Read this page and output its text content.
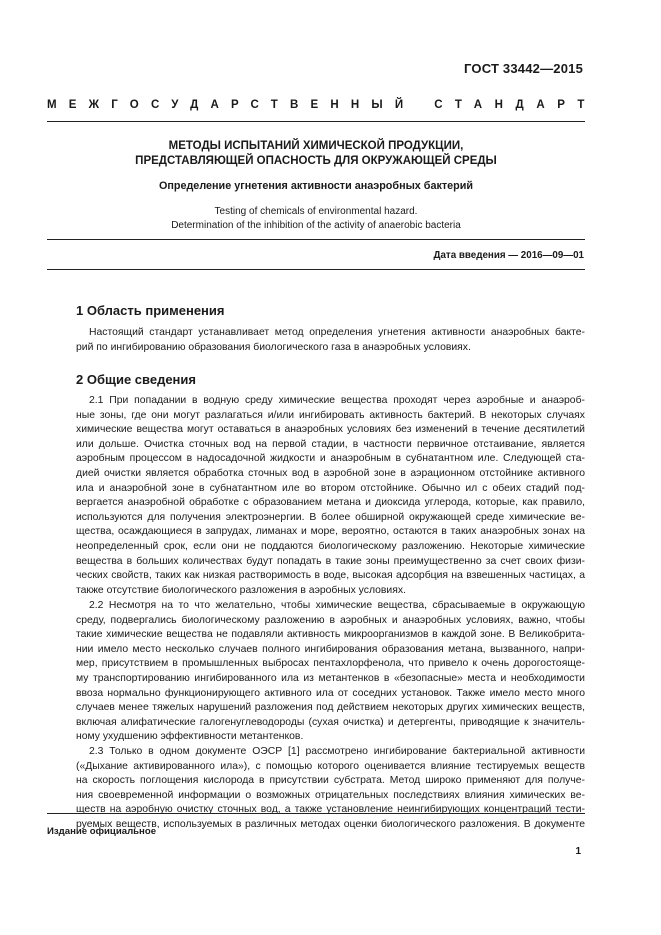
ГОСТ 33442—2015
МЕЖГОСУДАРСТВЕННЫЙ СТАНДАРТ
МЕТОДЫ ИСПЫТАНИЙ ХИМИЧЕСКОЙ ПРОДУКЦИИ,
ПРЕДСТАВЛЯЮЩЕЙ ОПАСНОСТЬ ДЛЯ ОКРУЖАЮЩЕЙ СРЕДЫ
Определение угнетения активности анаэробных бактерий
Testing of chemicals of environmental hazard.
Determination of the inhibition of the activity of anaerobic bacteria
Дата введения — 2016—09—01
1 Область применения
Настоящий стандарт устанавливает метод определения угнетения активности анаэробных бакте-
рий по ингибированию образования биологического газа в анаэробных условиях.
2 Общие сведения
2.1 При попадании в водную среду химические вещества проходят через аэробные и анаэроб-
ные зоны, где они могут разлагаться и/или ингибировать активность бактерий. В некоторых случаях
химические вещества могут оставаться в анаэробных условиях без изменений в течение десятилетий
или дольше. Очистка сточных вод на первой стадии, в частности первичное отстаивание, является
аэробным процессом в надосадочной жидкости и анаэробным в субнатантном иле. Следующей ста-
дией очистки является обработка сточных вод в аэробной зоне в аэрационном отстойнике активного
ила и анаэробной зоне в субнатантном иле во втором отстойнике. Обычно ил с обеих стадий под-
вергается анаэробной обработке с образованием метана и диоксида углерода, которые, как правило,
используются для получения электроэнергии. В более обширной окружающей среде химические ве-
щества, осаждающиеся в запрудах, лиманах и море, вероятно, остаются в таких анаэробных зонах на
неопределенный срок, если они не поддаются биологическому разложению. Некоторые химические
вещества в больших количествах будут попадать в такие зоны преимущественно за счет своих физи-
ческих свойств, таких как низкая растворимость в воде, высокая адсорбция на взвешенных частицах, а
также отсутствие биологического разложения в аэробных условиях.
2.2 Несмотря на то что желательно, чтобы химические вещества, сбрасываемые в окружающую
среду, подвергались биологическому разложению в аэробных и анаэробных условиях, важно, чтобы
такие химические вещества не подавляли активность микроорганизмов в каждой зоне. В Великобрита-
нии имело место несколько случаев полного ингибирования образования метана, вызванного, напри-
мер, присутствием в промышленных выбросах пентахлорфенола, что привело к очень дорогостояще-
му транспортированию ингибированного ила из метантенков в «безопасные» места и необходимости
ввоза нормально функционирующего активного ила от соседних установок. Также имело место много
случаев менее тяжелых нарушений разложения под действием некоторых других химических веществ,
включая алифатические галогенуглеводороды (сухая очистка) и детергенты, приводящие к значитель-
ному ухудшению эффективности метантенков.
2.3 Только в одном документе ОЭСР [1] рассмотрено ингибирование бактериальной активности
(«Дыхание активированного ила»), с помощью которого оценивается влияние тестируемых веществ
на скорость поглощения кислорода в присутствии субстрата. Метод широко применяют для получе-
ния своевременной информации о возможных отрицательных последствиях влияния химических ве-
ществ на аэробную очистку сточных вод, а также установление неингибирующих концентраций тести-
руемых веществ, используемых в различных методах оценки биологического разложения. В документе
Издание официальное
1
